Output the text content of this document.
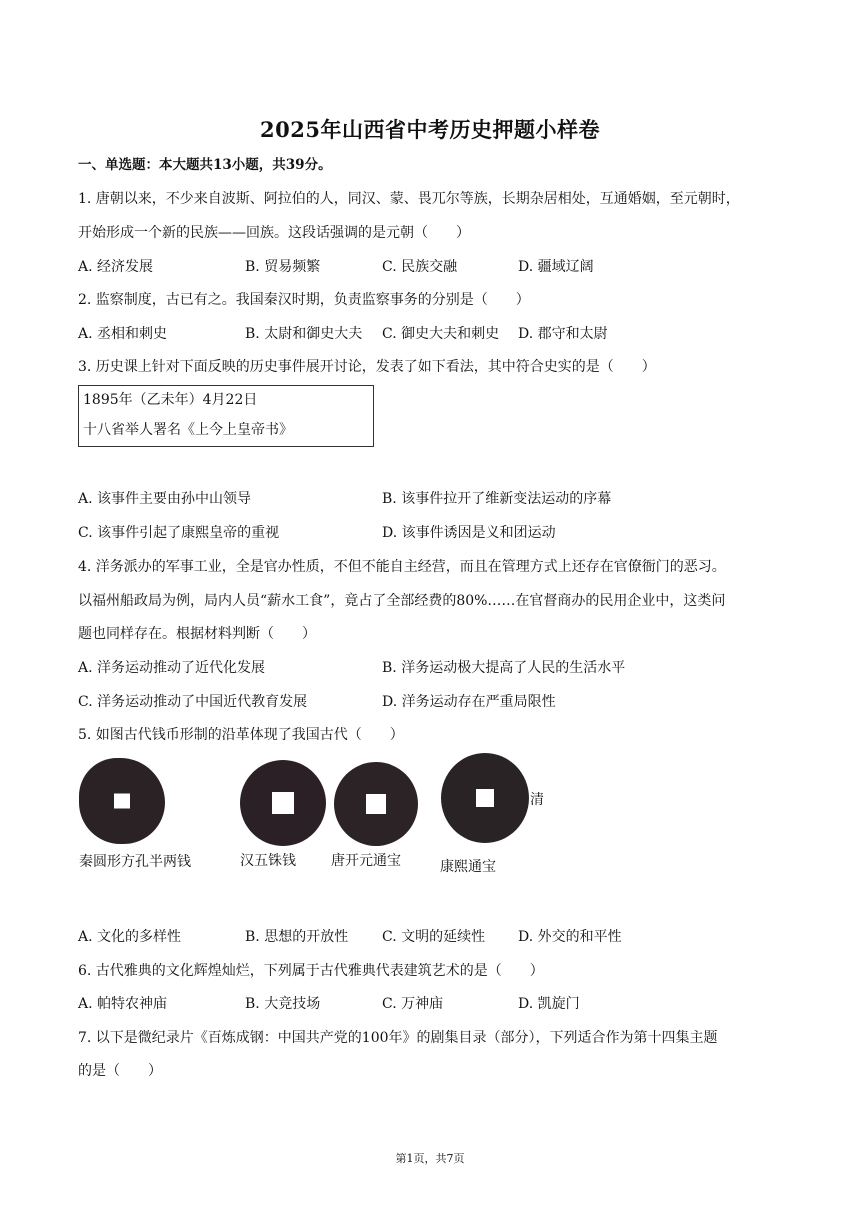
2025年山西省中考历史押题小样卷
一、单选题：本大题共13小题，共39分。
1. 唐朝以来，不少来自波斯、阿拉伯的人，同汉、蒙、畏兀尔等族，长期杂居相处，互通婚姻，至元朝时，
开始形成一个新的民族——回族。这段话强调的是元朝（　　）
A. 经济发展	B. 贸易频繁	C. 民族交融	D. 疆域辽阔
2. 监察制度，古已有之。我国秦汉时期，负责监察事务的分别是（　　）
A. 丞相和刺史	B. 太尉和御史大夫 C. 御史大夫和刺史 D. 郡守和太尉
3. 历史课上针对下面反映的历史事件展开讨论，发表了如下看法，其中符合史实的是（　　）
1895年（乙未年）4月22日
十八省举人署名《上今上皇帝书》
A. 该事件主要由孙中山领导	B. 该事件拉开了维新变法运动的序幕
C. 该事件引起了康熙皇帝的重视	D. 该事件诱因是义和团运动
4. 洋务派办的军事工业，全是官办性质，不但不能自主经营，而且在管理方式上还存在官僚衙门的恶习。
以福州船政局为例，局内人员“薪水工食”，竟占了全部经费的80%……在官督商办的民用企业中，这类问
题也同样存在。根据材料判断（　　）
A. 洋务运动推动了近代化发展	B. 洋务运动极大提高了人民的生活水平
C. 洋务运动推动了中国近代教育发展	D. 洋务运动存在严重局限性
5. 如图古代钱币形制的沿革体现了我国古代（　　）
清
秦圆形方孔半两钱	汉五铢钱	唐开元通宝	康熙通宝
A. 文化的多样性	B. 思想的开放性 C. 文明的延续性 D. 外交的和平性
6. 古代雅典的文化辉煌灿烂，下列属于古代雅典代表建筑艺术的是（　　）
A. 帕特农神庙	B. 大竞技场	C. 万神庙	D. 凯旋门
7. 以下是微纪录片《百炼成钢：中国共产党的100年》的剧集目录（部分），下列适合作为第十四集主题
的是（　　）
第1页，共7页
